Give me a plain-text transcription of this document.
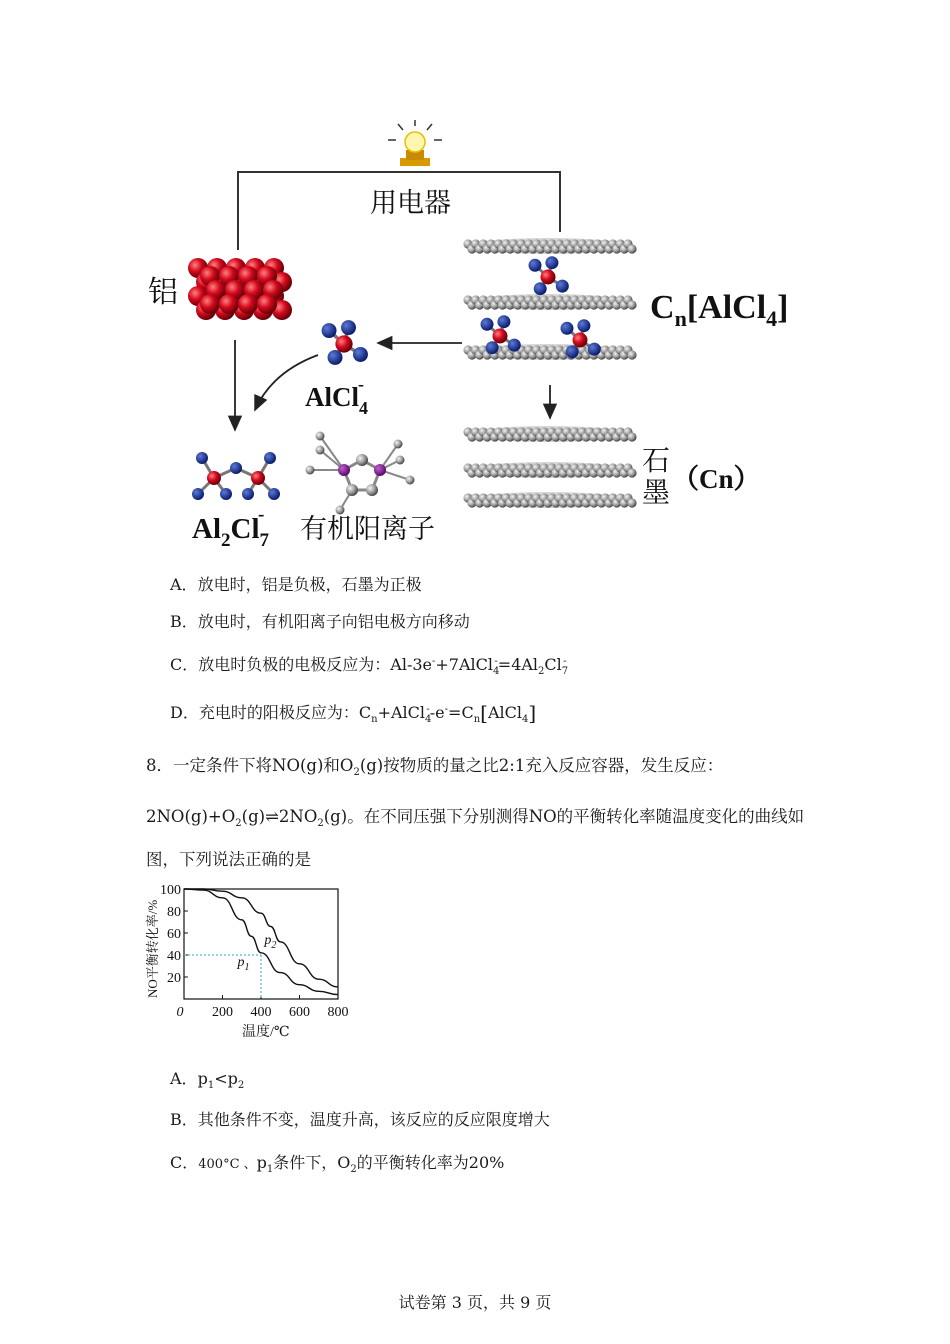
用电器
铝	$C_n[AlCl_4]$
AlCl$_4$-
$Al_2Cl_7-$ 有机阳离子
石
墨 （Cn）
A．放电时，铝是负极，石墨为正极
B．放电时，有机阳离子向铝电极方向移动
C．放电时负极的电极反应为：$Al-3e^-+7AlCl_4^-=4Al_2Cl_7^-$
D．充电时的阳极反应为：$C_n+AlCl_4^--e^-=C_n[AlCl_4]$
8．一定条件下将NO(g)和$O_2(g)$按物质的量之比2:1充入反应容器，发生反应：
$2NO(g)+O_2(g)\rightleftharpoons 2NO_2(g)$。在不同压强下分别测得NO的平衡转化率随温度变化的曲线如
图，下列说法正确的是
20
40
60
80
100
0 200 400 600 800
$p_1$
$p_2$
NO平衡转化率/%
温度/℃
A．$p_1<p_2$
B．其他条件不变，温度升高，该反应的反应限度增大
C．400°C 、$p_1$条件下，$O_2$的平衡转化率为20%
试卷第 3 页，共 9 页
